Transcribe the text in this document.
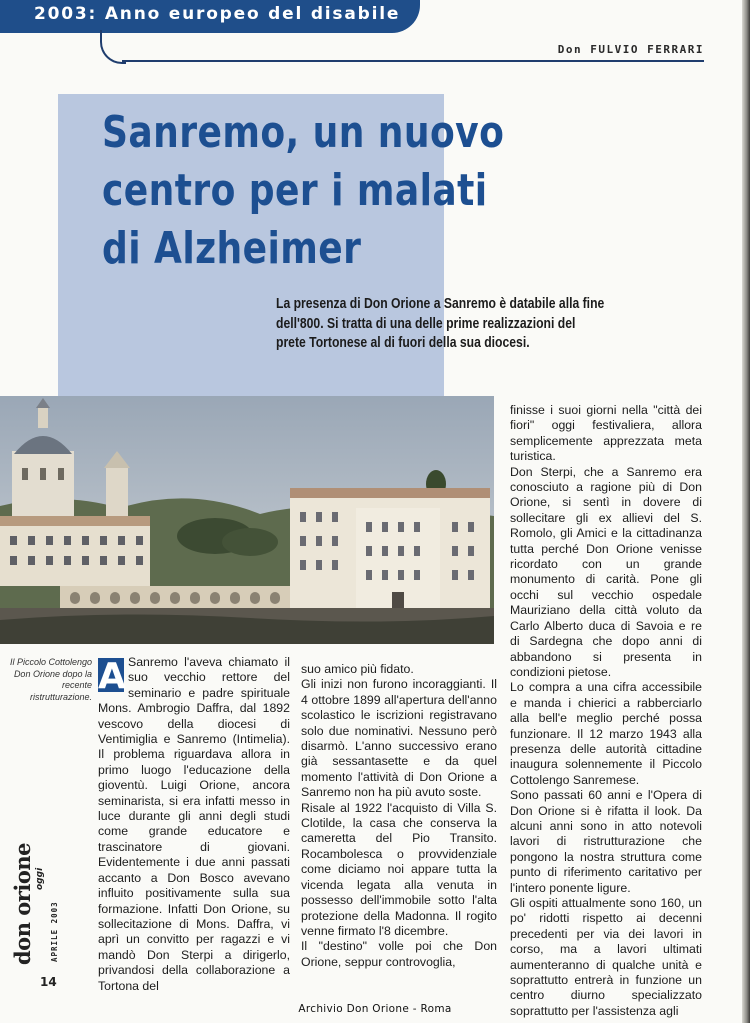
2003: Anno europeo del disabile
Don FULVIO FERRARI
Sanremo, un nuovo centro per i malati di Alzheimer

La presenza di Don Orione a Sanremo è databile alla fine dell'800. Si tratta di una delle prime realizzazioni del prete Tortonese al di fuori della sua diocesi.

Il Piccolo Cottolengo Don Orione dopo la recente ristrutturazione. A Sanremo l'aveva chiamato il suo vecchio rettore del seminario e padre spirituale Mons. Ambrogio Daffra, dal 1892 vescovo della diocesi di Ventimiglia e Sanremo (Intimelia). Il problema riguardava allora in primo luogo l'educazione della gioventù. Luigi Orione, ancora seminarista, si era infatti messo in luce durante gli anni degli studi come grande educatore e trascinatore di giovani. Evidentemente i due anni passati accanto a Don Bosco avevano influito positivamente sulla sua formazione. Infatti Don Orione, su sollecitazione di Mons. Daffra, vi aprì un convitto per ragazzi e vi mandò Don Sterpi a dirigerlo, privandosi della collaborazione a Tortona del

suo amico più fidato.

Gli inizi non furono incoraggianti. Il 4 ottobre 1899 all'apertura dell'anno scolastico le iscrizioni registravano solo due nominativi. Nessuno però disarmò. L'anno successivo erano già sessantasette e da quel momento l'attività di Don Orione a Sanremo non ha più avuto soste.

Risale al 1922 l'acquisto di Villa S. Clotilde, la casa che conserva la cameretta del Pio Transito. Rocambolesca o provvidenziale come diciamo noi appare tutta la vicenda legata alla venuta in possesso dell'immobile sotto l'alta protezione della Madonna. Il rogito venne firmato l'8 dicembre.

Il "destino" volle poi che Don Orione, seppur controvoglia,

finisse i suoi giorni nella "città dei fiori" oggi festivaliera, allora semplicemente apprezzata meta turistica.

Don Sterpi, che a Sanremo era conosciuto a ragione più di Don Orione, si sentì in dovere di sollecitare gli ex allievi del S. Romolo, gli Amici e la cittadinanza tutta perché Don Orione venisse ricordato con un grande monumento di carità. Pone gli occhi sul vecchio ospedale Mauriziano della città voluto da Carlo Alberto duca di Savoia e re di Sardegna che dopo anni di abbandono si presenta in condizioni pietose.

Lo compra a una cifra accessibile e manda i chierici a rabberciarlo alla bell'e meglio perché possa funzionare. Il 12 marzo 1943 alla presenza delle autorità cittadine inaugura solennemente il Piccolo Cottolengo Sanremese.

Sono passati 60 anni e l'Opera di Don Orione si è rifatta il look. Da alcuni anni sono in atto notevoli lavori di ristrutturazione che pongono la nostra struttura come punto di riferimento caritativo per l'intero ponente ligure.

Gli ospiti attualmente sono 160, un po' ridotti rispetto ai decenni precedenti per via dei lavori in corso, ma a lavori ultimati aumenteranno di qualche unità e soprattutto entrerà in funzione un centro diurno specializzato soprattutto per l'assistenza agli

don orione oggi
APRILE 2003
14
Archivio Don Orione - Roma
